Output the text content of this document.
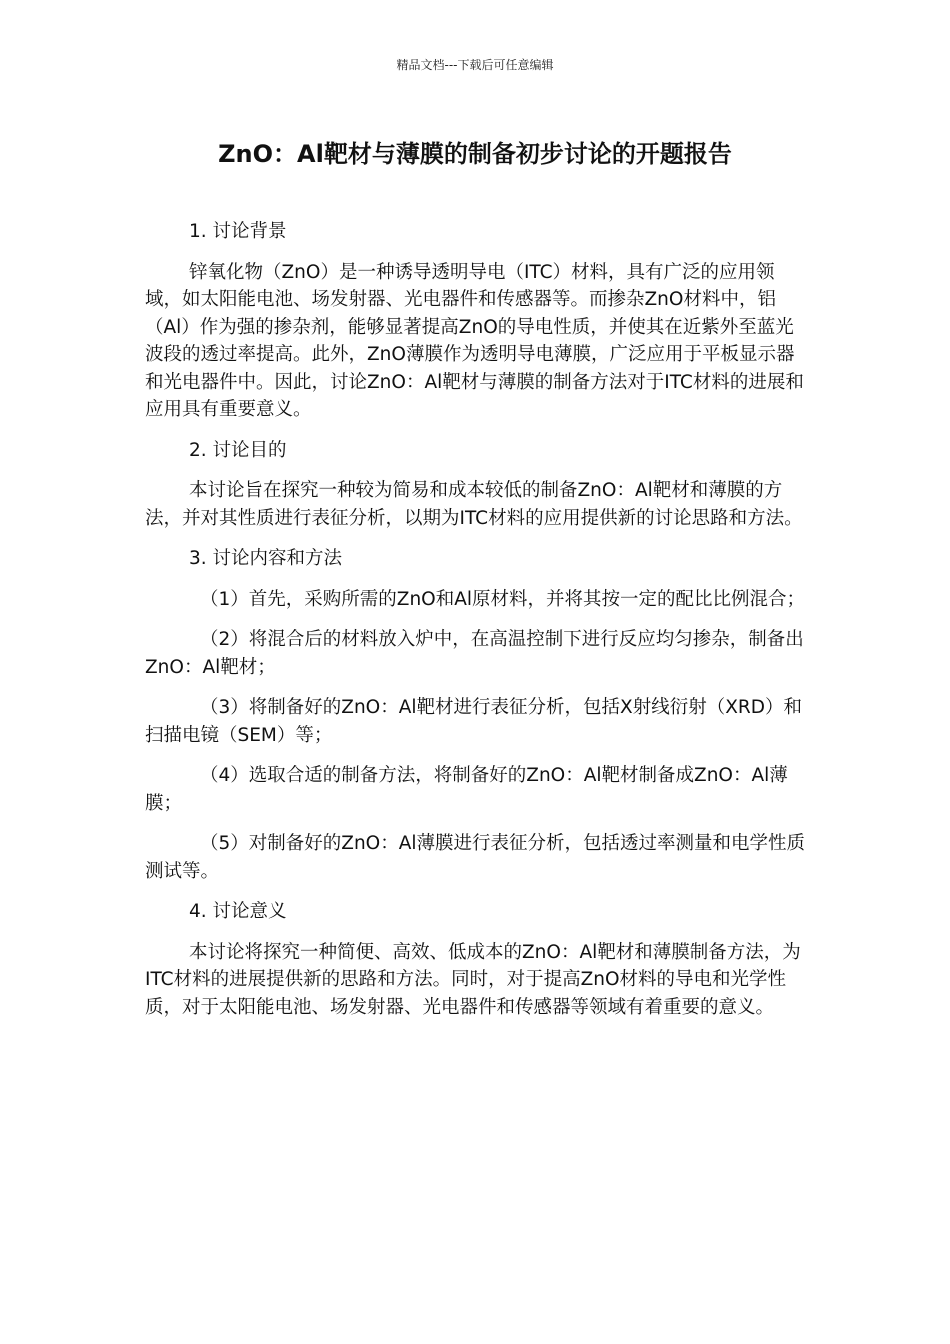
精品文档---下载后可任意编辑
ZnO：Al靶材与薄膜的制备初步讨论的开题报告

1. 讨论背景

锌氧化物（ZnO）是一种诱导透明导电（ITC）材料，具有广泛的应用领域，如太阳能电池、场发射器、光电器件和传感器等。而掺杂ZnO材料中，铝（Al）作为强的掺杂剂，能够显著提高ZnO的导电性质，并使其在近紫外至蓝光波段的透过率提高。此外，ZnO薄膜作为透明导电薄膜，广泛应用于平板显示器和光电器件中。因此，讨论ZnO：Al靶材与薄膜的制备方法对于ITC材料的进展和应用具有重要意义。

2. 讨论目的

本讨论旨在探究一种较为简易和成本较低的制备ZnO：Al靶材和薄膜的方法，并对其性质进行表征分析，以期为ITC材料的应用提供新的讨论思路和方法。

3. 讨论内容和方法

（1）首先，采购所需的ZnO和Al原材料，并将其按一定的配比比例混合；

（2）将混合后的材料放入炉中，在高温控制下进行反应均匀掺杂，制备出ZnO：Al靶材；

（3）将制备好的ZnO：Al靶材进行表征分析，包括X射线衍射（XRD）和扫描电镜（SEM）等；

（4）选取合适的制备方法，将制备好的ZnO：Al靶材制备成ZnO：Al薄膜；

（5）对制备好的ZnO：Al薄膜进行表征分析，包括透过率测量和电学性质测试等。

4. 讨论意义

本讨论将探究一种简便、高效、低成本的ZnO：Al靶材和薄膜制备方法，为ITC材料的进展提供新的思路和方法。同时，对于提高ZnO材料的导电和光学性质，对于太阳能电池、场发射器、光电器件和传感器等领域有着重要的意义。
